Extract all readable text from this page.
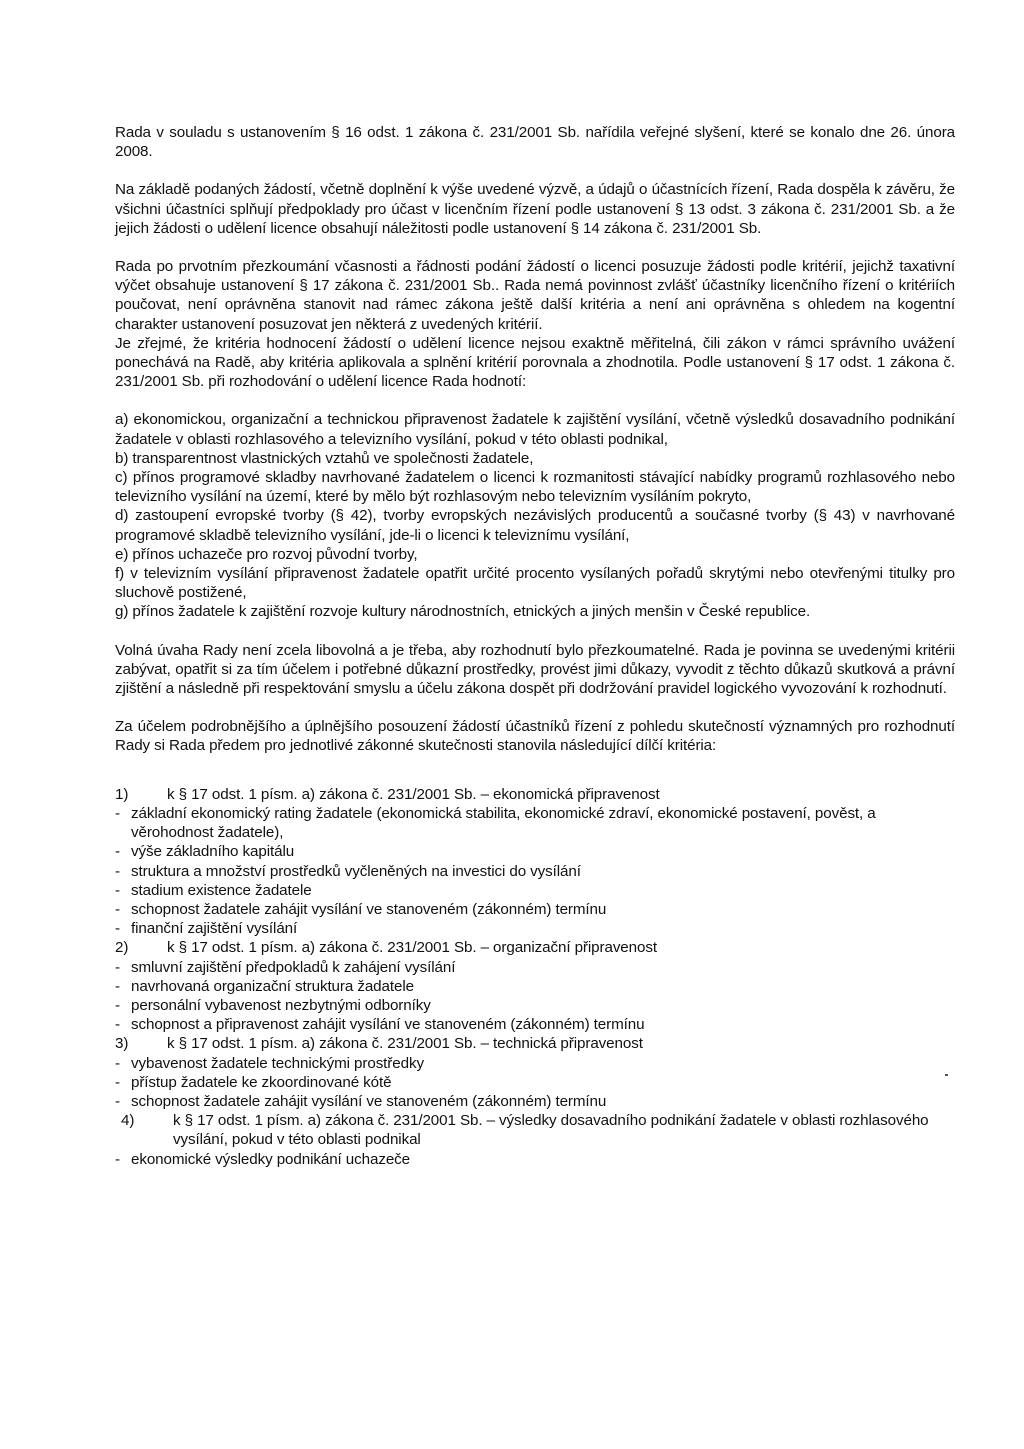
Rada v souladu s ustanovením § 16 odst. 1 zákona č. 231/2001 Sb. nařídila veřejné slyšení, které se konalo dne 26. února 2008.

Na základě podaných žádostí, včetně doplnění k výše uvedené výzvě, a údajů o účastnících řízení, Rada dospěla k závěru, že všichni účastníci splňují předpoklady pro účast v licenčním řízení podle ustanovení § 13 odst. 3 zákona č. 231/2001 Sb. a že jejich žádosti o udělení licence obsahují náležitosti podle ustanovení § 14 zákona č. 231/2001 Sb.

Rada po prvotním přezkoumání včasnosti a řádnosti podání žádostí o licenci posuzuje žádosti podle kritérií, jejichž taxativní výčet obsahuje ustanovení § 17 zákona č. 231/2001 Sb.. Rada nemá povinnost zvlášť účastníky licenčního řízení o kritériích poučovat, není oprávněna stanovit nad rámec zákona ještě další kritéria a není ani oprávněna s ohledem na kogentní charakter ustanovení posuzovat jen některá z uvedených kritérií.

Je zřejmé, že kritéria hodnocení žádostí o udělení licence nejsou exaktně měřitelná, čili zákon v rámci správního uvážení ponechává na Radě, aby kritéria aplikovala a splnění kritérií porovnala a zhodnotila. Podle ustanovení § 17 odst. 1 zákona č. 231/2001 Sb. při rozhodování o udělení licence Rada hodnotí:

a) ekonomickou, organizační a technickou připravenost žadatele k zajištění vysílání, včetně výsledků dosavadního podnikání žadatele v oblasti rozhlasového a televizního vysílání, pokud v této oblasti podnikal,

b) transparentnost vlastnických vztahů ve společnosti žadatele,

c) přínos programové skladby navrhované žadatelem o licenci k rozmanitosti stávající nabídky programů rozhlasového nebo televizního vysílání na území, které by mělo být rozhlasovým nebo televizním vysíláním pokryto,

d) zastoupení evropské tvorby (§ 42), tvorby evropských nezávislých producentů a současné tvorby (§ 43) v navrhované programové skladbě televizního vysílání, jde-li o licenci k televiznímu vysílání,

e) přínos uchazeče pro rozvoj původní tvorby,

f) v televizním vysílání připravenost žadatele opatřit určité procento vysílaných pořadů skrytými nebo otevřenými titulky pro sluchově postižené,

g) přínos žadatele k zajištění rozvoje kultury národnostních, etnických a jiných menšin v České republice.

Volná úvaha Rady není zcela libovolná a je třeba, aby rozhodnutí bylo přezkoumatelné. Rada je povinna se uvedenými kritérii zabývat, opatřit si za tím účelem i potřebné důkazní prostředky, provést jimi důkazy, vyvodit z těchto důkazů skutková a právní zjištění a následně při respektování smyslu a účelu zákona dospět při dodržování pravidel logického vyvozování k rozhodnutí.

Za účelem podrobnějšího a úplnějšího posouzení žádostí účastníků řízení z pohledu skutečností významných pro rozhodnutí Rady si Rada předem pro jednotlivé zákonné skutečnosti stanovila následující dílčí kritéria:

1)	k § 17 odst. 1 písm. a) zákona č. 231/2001 Sb. – ekonomická připravenost
- základní ekonomický rating žadatele (ekonomická stabilita, ekonomické zdraví, ekonomické postavení, pověst, a věrohodnost žadatele),
- výše základního kapitálu
- struktura a množství prostředků vyčleněných na investici do vysílání
- stadium existence žadatele
- schopnost žadatele zahájit vysílání ve stanoveném (zákonném) termínu
- finanční zajištění vysílání
2)	k § 17 odst. 1 písm. a) zákona č. 231/2001 Sb. – organizační připravenost
- smluvní zajištění předpokladů k zahájení vysílání
- navrhovaná organizační struktura žadatele
- personální vybavenost nezbytnými odborníky
- schopnost a připravenost zahájit vysílání ve stanoveném (zákonném) termínu
3)	k § 17 odst. 1 písm. a) zákona č. 231/2001 Sb. – technická připravenost
- vybavenost žadatele technickými prostředky
- přístup žadatele ke zkoordinované kótě
- schopnost žadatele zahájit vysílání ve stanoveném (zákonném) termínu
4)	k § 17 odst. 1 písm. a) zákona č. 231/2001 Sb. – výsledky dosavadního podnikání žadatele v oblasti rozhlasového vysílání, pokud v této oblasti podnikal
- ekonomické výsledky podnikání uchazeče
